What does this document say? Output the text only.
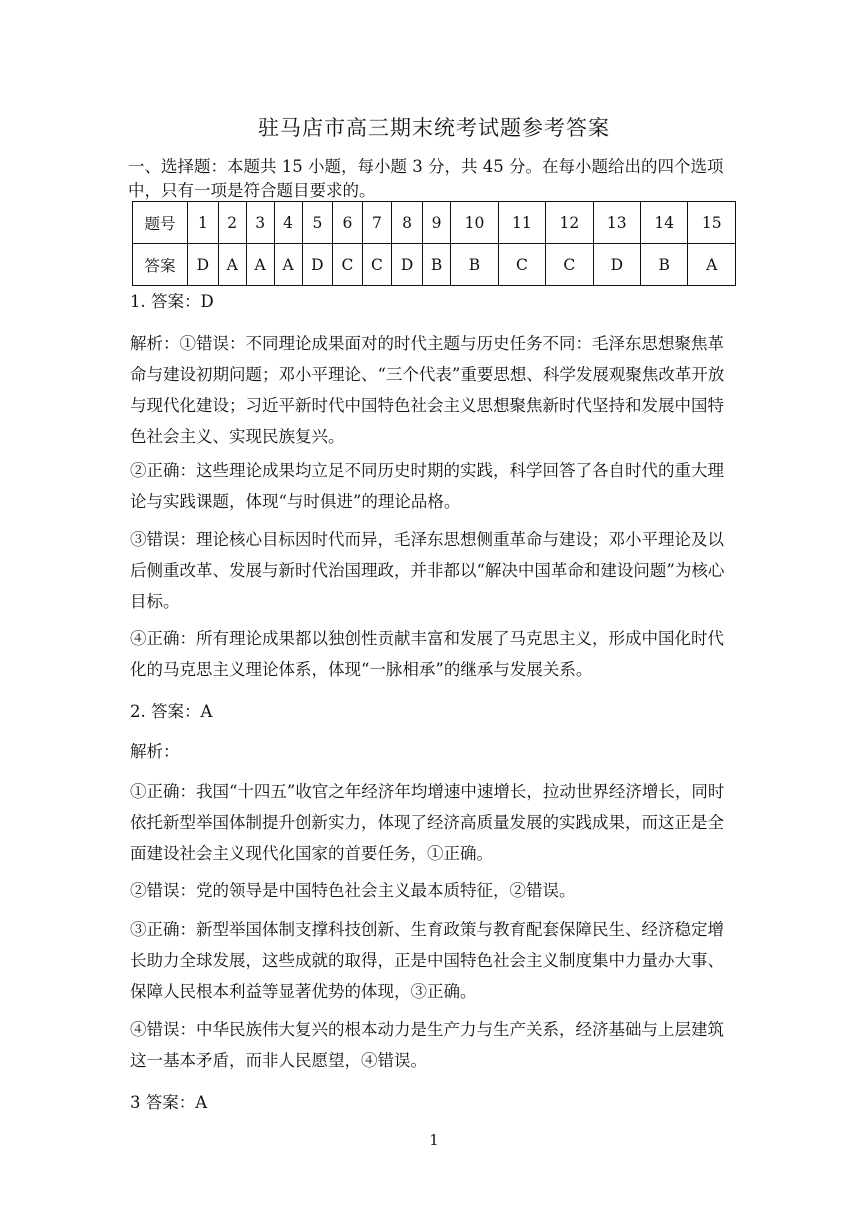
驻马店市高三期末统考试题参考答案
一、选择题：本题共 15 小题，每小题 3 分，共 45 分。在每小题给出的四个选项中，只有一项是符合题目要求的。
题号	1	2	3	4	5	6	7	8	9	10	11	12	13	14	15
答案	D	A	A	A	D	C	C	D	B	B	C	C	D	B	A
1. 答案：D
解析：①错误：不同理论成果面对的时代主题与历史任务不同：毛泽东思想聚焦革命与建设初期问题；邓小平理论、“三个代表”重要思想、科学发展观聚焦改革开放与现代化建设；习近平新时代中国特色社会主义思想聚焦新时代坚持和发展中国特色社会主义、实现民族复兴。
②正确：这些理论成果均立足不同历史时期的实践，科学回答了各自时代的重大理论与实践课题，体现“与时俱进”的理论品格。
③错误：理论核心目标因时代而异，毛泽东思想侧重革命与建设；邓小平理论及以后侧重改革、发展与新时代治国理政，并非都以“解决中国革命和建设问题”为核心目标。
④正确：所有理论成果都以独创性贡献丰富和发展了马克思主义，形成中国化时代化的马克思主义理论体系，体现“一脉相承”的继承与发展关系。
2. 答案：A
解析：
①正确：我国“十四五”收官之年经济年均增速中速增长，拉动世界经济增长，同时依托新型举国体制提升创新实力，体现了经济高质量发展的实践成果，而这正是全面建设社会主义现代化国家的首要任务，①正确。
②错误：党的领导是中国特色社会主义最本质特征，②错误。
③正确：新型举国体制支撑科技创新、生育政策与教育配套保障民生、经济稳定增长助力全球发展，这些成就的取得，正是中国特色社会主义制度集中力量办大事、保障人民根本利益等显著优势的体现，③正确。
④错误：中华民族伟大复兴的根本动力是生产力与生产关系，经济基础与上层建筑这一基本矛盾，而非人民愿望，④错误。
3 答案：A
1
